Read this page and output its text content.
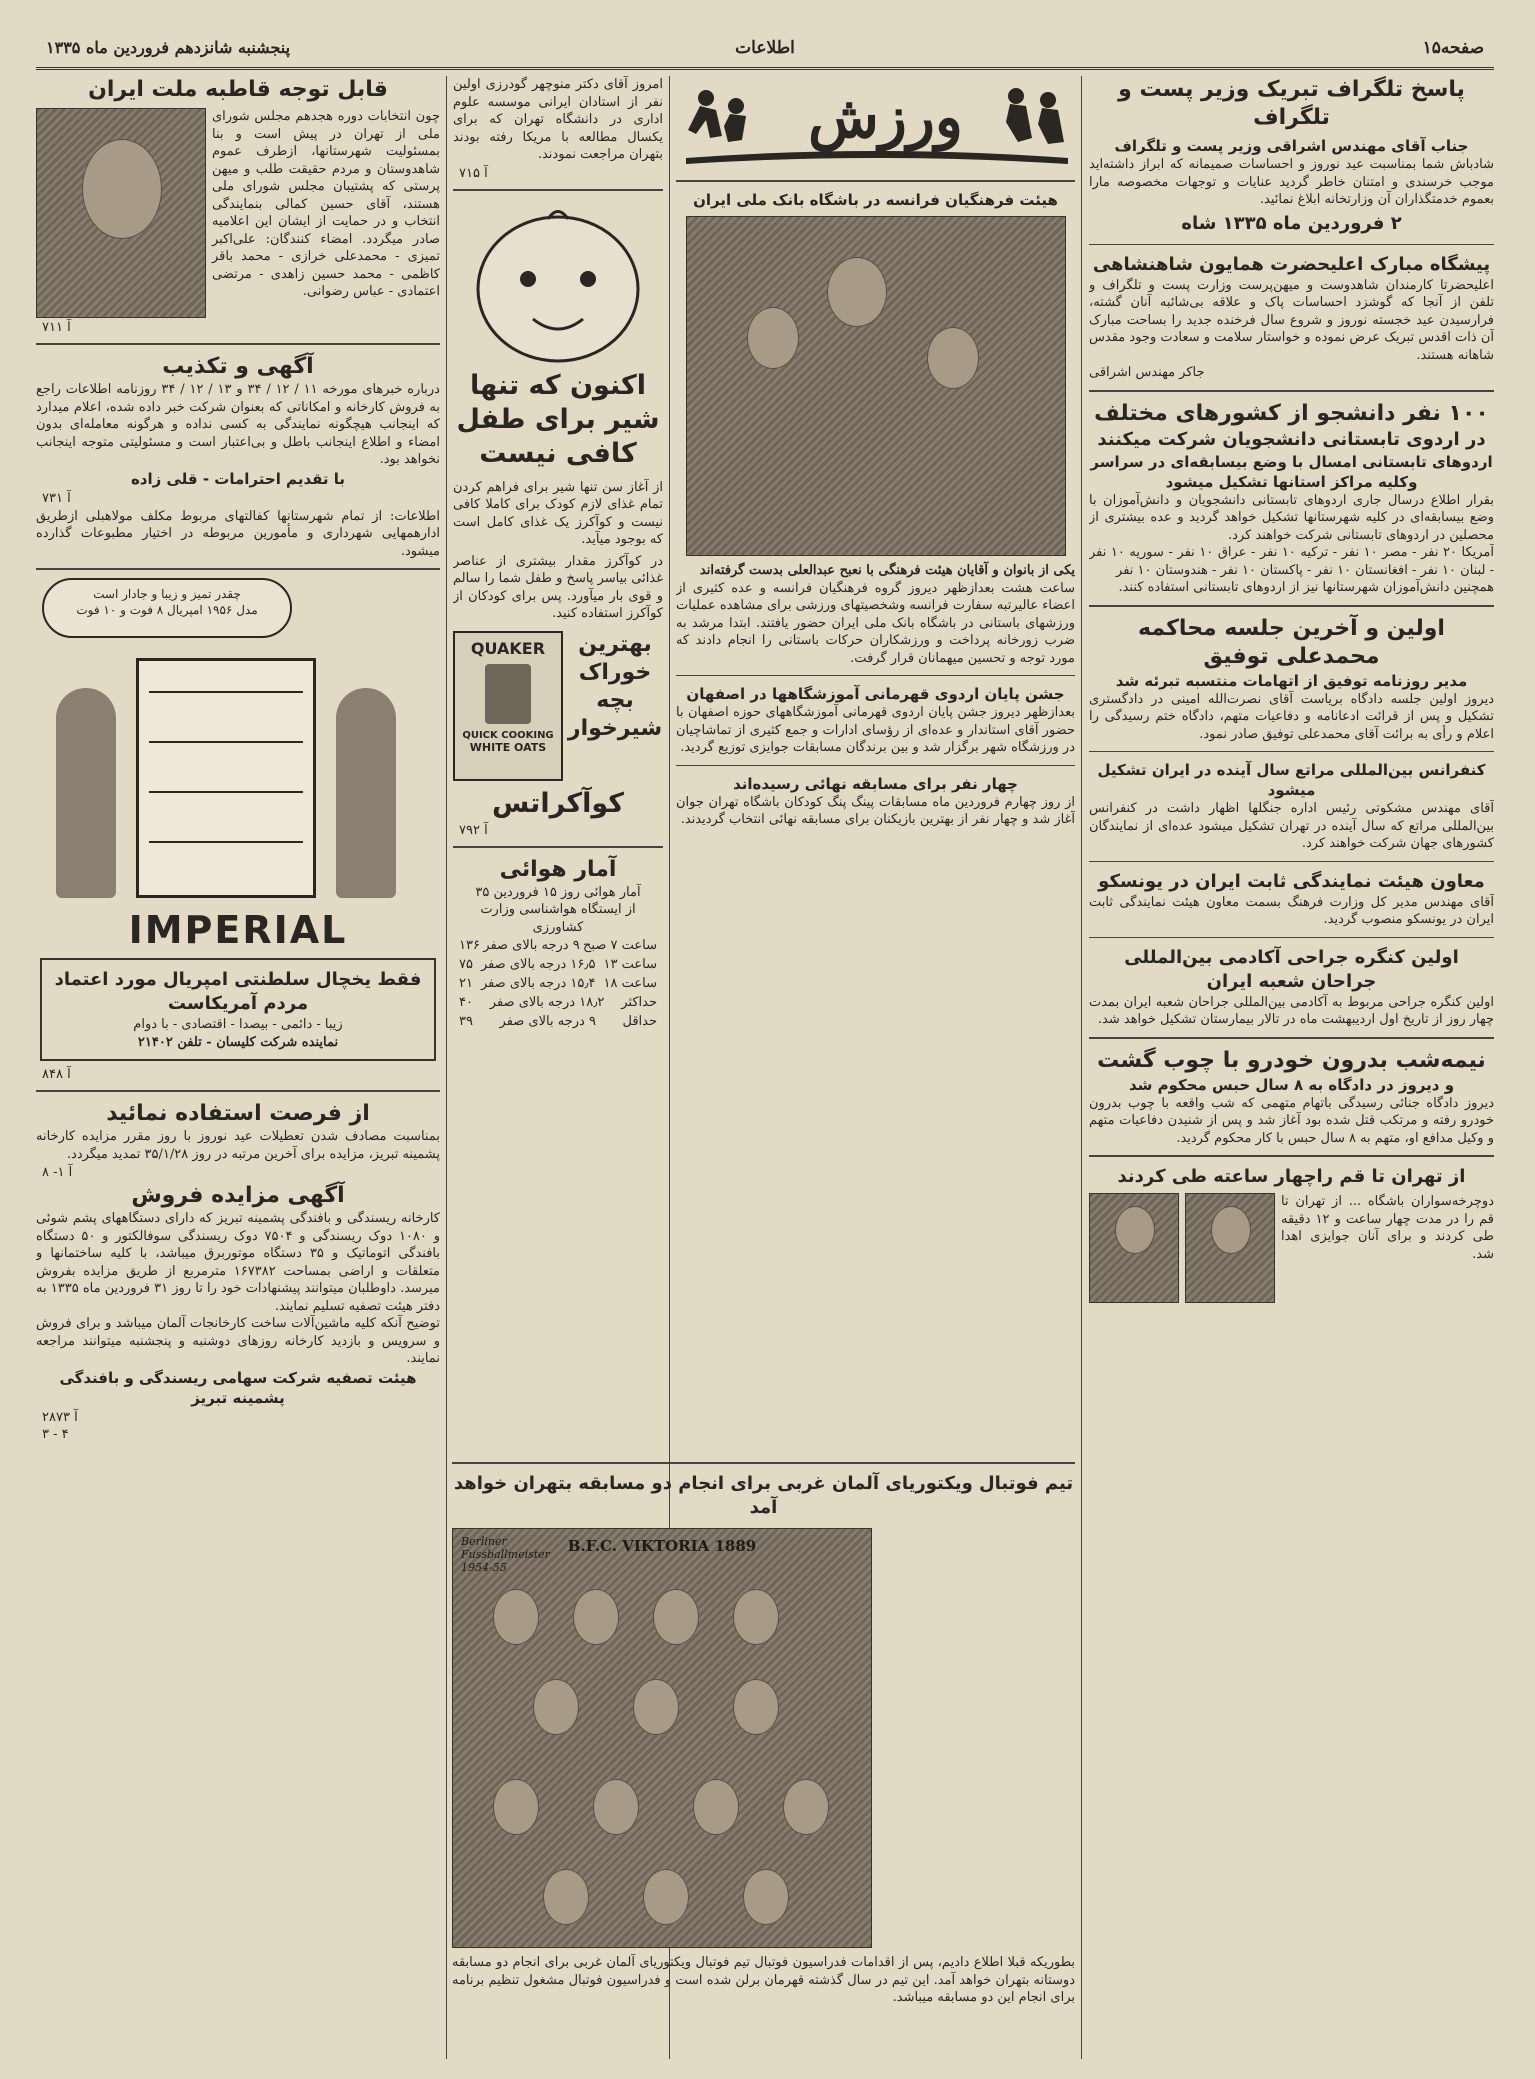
صفحه۱۵
اطلاعات
پنجشنبه شانزدهم فروردین ماه ۱۳۳۵
پاسخ تلگراف تبریک وزیر پست و تلگراف
جناب آقای مهندس اشراقی وزیر پست و تلگراف

شادباش شما بمناسبت عید نوروز و احساسات صمیمانه که ابراز داشته‌اید موجب خرسندی و امتنان خاطر گردید عنایات و توجهات مخصوصه مارا بعموم خدمتگذاران آن وزارتخانه ابلاغ نمائید.

۲ فروردین ماه ۱۳۳۵ شاه
پیشگاه مبارک اعلیحضرت همایون شاهنشاهی

اعلیحضرتا کارمندان شاهدوست و میهن‌پرست وزارت پست و تلگراف و تلفن از آنجا که گوشزد احساسات پاک و علاقه بی‌شائبه آنان گشته، فرارسیدن عید خجسته نوروز و شروع سال فرخنده جدید را بساحت مبارک آن ذات اقدس تبریک عرض نموده و خواستار سلامت و سعادت وجود مقدس شاهانه هستند.

جاکر مهندس اشراقی

۱۰۰ نفر دانشجو از کشورهای مختلف
در اردوی تابستانی دانشجویان شرکت میکنند
اردوهای تابستانی امسال با وضع بیسابقه‌ای در سراسر وکلیه مراکز استانها تشکیل میشود

بقرار اطلاع درسال جاری اردوهای تابستانی دانشجویان و دانش‌آموزان با وضع بیسابقه‌ای در کلیه شهرستانها تشکیل خواهد گردید و عده بیشتری از محصلین در اردوهای تابستانی شرکت خواهند کرد.

آمریکا ۲۰ نفر - مصر ۱۰ نفر - ترکیه ۱۰ نفر - عراق ۱۰ نفر - سوریه ۱۰ نفر - لبنان ۱۰ نفر - افغانستان ۱۰ نفر - پاکستان ۱۰ نفر - هندوستان ۱۰ نفر

همچنین دانش‌آموزان شهرستانها نیز از اردوهای تابستانی استفاده کنند.

اولین و آخرین جلسه محاکمه محمدعلی توفیق
مدیر روزنامه توفیق از اتهامات منتسبه تبرئه شد

دیروز اولین جلسه دادگاه بریاست آقای نصرت‌الله امینی در دادگستری تشکیل و پس از قرائت ادعانامه و دفاعیات متهم، دادگاه ختم رسیدگی را اعلام و رأی به برائت آقای محمدعلی توفیق صادر نمود.

کنفرانس بین‌المللی مراتع سال آینده در ایران تشکیل میشود

آقای مهندس مشکوتی رئیس اداره جنگلها اظهار داشت در کنفرانس بین‌المللی مراتع که سال آینده در تهران تشکیل میشود عده‌ای از نمایندگان کشورهای جهان شرکت خواهند کرد.

معاون هیئت نمایندگی ثابت ایران در یونسکو

آقای مهندس مدیر کل وزارت فرهنگ بسمت معاون هیئت نمایندگی ثابت ایران در یونسکو منصوب گردید.

اولین کنگره جراحی آکادمی بین‌المللی جراحان شعبه ایران

اولین کنگره جراحی مربوط به آکادمی بین‌المللی جراحان شعبه ایران بمدت چهار روز از تاریخ اول اردیبهشت ماه در تالار بیمارستان تشکیل خواهد شد.

نیمه‌شب بدرون خودرو با چوب گشت
و دیروز در دادگاه به ۸ سال حبس محکوم شد

دیروز دادگاه جنائی رسیدگی باتهام متهمی که شب واقعه با چوب بدرون خودرو رفته و مرتکب قتل شده بود آغاز شد و پس از شنیدن دفاعیات متهم و وکیل مدافع او، متهم به ۸ سال حبس با کار محکوم گردید.

از تهران تا قم راچهار ساعته طی کردند

دوچرخه‌سواران باشگاه ... از تهران تا قم را در مدت چهار ساعت و ۱۲ دقیقه طی کردند و برای آنان جوایزی اهدا شد.

ورزش
هیئت فرهنگیان فرانسه در باشگاه بانک ملی ایران

یکی از بانوان و آقایان هیئت فرهنگی با نعبح عبدالعلی بدست گرفته‌اند

ساعت هشت بعدازظهر دیروز گروه فرهنگیان فرانسه و عده کثیری از اعضاء عالیرتبه سفارت فرانسه وشخصیتهای ورزشی برای مشاهده عملیات ورزشهای باستانی در باشگاه بانک ملی ایران حضور یافتند. ابتدا مرشد به ضرب زورخانه پرداخت و ورزشکاران حرکات باستانی را انجام دادند که مورد توجه و تحسین میهمانان قرار گرفت.

جشن پایان اردوی قهرمانی آموزشگاهها در اصفهان

بعدازظهر دیروز جشن پایان اردوی قهرمانی آموزشگاههای حوزه اصفهان با حضور آقای استاندار و عده‌ای از رؤسای ادارات و جمع کثیری از تماشاچیان در ورزشگاه شهر برگزار شد و بین برندگان مسابقات جوایزی توزیع گردید.

چهار نفر برای مسابقه نهائی رسیده‌اند

از روز چهارم فروردین ماه مسابقات پینگ پنگ کودکان باشگاه تهران جوان آغاز شد و چهار نفر از بهترین بازیکنان برای مسابقه نهائی انتخاب گردیدند.

تیم فوتبال ویکتوریای آلمان غربی برای انجام دو مسابقه بتهران خواهد آمد
Berliner Fussballmeister 1954-55
B.F.C. VIKTORIA 1889

بطوریکه قبلا اطلاع دادیم، پس از اقدامات فدراسیون فوتبال تیم فوتبال ویکتوریای آلمان غربی برای انجام دو مسابقه دوستانه بتهران خواهد آمد. این تیم در سال گذشته قهرمان برلن شده است و فدراسیون فوتبال مشغول تنظیم برنامه برای انجام این دو مسابقه میباشد.

امروز آقای دکتر منوچهر گودرزی اولین نفر از استادان ایرانی موسسه علوم اداری در دانشگاه تهران که برای یکسال مطالعه با مریکا رفته بودند بتهران مراجعت نمودند.

آ ۷۱۵

اکنون که تنها
شیر برای طفل
کافی نیست

از آغاز سن تنها شیر برای فراهم کردن تمام غذای لازم کودک برای کاملا کافی نیست و کوآکرز یک غذای کامل است که بوجود میآید.

در کوآکرز مقدار بیشتری از عناصر غذائی بیاسر پاسخ و طفل شما را سالم و قوی بار میآورد. پس برای کودکان از کوآکرز استفاده کنید.

بهترین
خوراک
بچه
شیرخوار
QUAKER
QUICK COOKING
WHITE OATS
کوآکراتس

آ ۷۹۲

آمار هوائی

آمار هوائی روز ۱۵ فروردین ۳۵

از ایستگاه هواشناسی وزارت کشاورزی

ساعت ۷ صبح
۹ درجه بالای صفر
۱۳۶
ساعت ۱۳
۱۶٫۵ درجه بالای صفر
۷۵
ساعت ۱۸
۱۵٫۴ درجه بالای صفر
۲۱
حداکثر
۱۸٫۲ درجه بالای صفر
۴۰
حداقل
۹ درجه بالای صفر
۳۹
قابل توجه قاطبه ملت ایران

چون انتخابات دوره هجدهم مجلس شورای ملی از تهران در پیش است و بنا بمسئولیت شهرستانها، ازطرف عموم شاهدوستان و مردم حقیقت طلب و میهن پرستی که پشتیبان مجلس شورای ملی هستند، آقای حسین کمالی بنمایندگی انتخاب و در حمایت از ایشان این اعلامیه صادر میگردد. امضاء کنندگان: علی‌اکبر تمیزی - محمدعلی خرازی - محمد باقر کاظمی - محمد حسین زاهدی - مرتضی اعتمادی - عباس رضوانی.

آ ۷۱۱

آگهی و تکذیب

درباره خبرهای مورخه ۱۱ / ۱۲ / ۳۴ و ۱۳ / ۱۲ / ۳۴ روزنامه اطلاعات راجع به فروش کارخانه و امکاناتی که بعنوان شرکت خبر داده شده، اعلام میدارد که اینجانب هیچگونه نمایندگی به کسی نداده و هرگونه معامله‌ای بدون امضاء و اطلاع اینجانب باطل و بی‌اعتبار است و مسئولیتی متوجه اینجانب نخواهد بود.

با تقدیم احترامات - قلی زاده

آ ۷۳۱

اطلاعات: از تمام شهرستانها كفالتهاى مربوط مكلف مولاهبلى ازطريق ادارهمهايی شهرداری و مأمورين مربوطه در اختيار مطبوعات گذارده ميشود.

چقدر تمیز و زیبا و جادار است
مدل ۱۹۵۶ امپریال ۸ فوت و ۱۰ فوت
IMPERIAL
فقط یخچال سلطنتی امپریال مورد اعتماد مردم آمریکاست

زیبا - دائمی - بیصدا - اقتصادی - با دوام

نماینده شرکت کلیسان - تلفن ۲۱۴۰۲

آ ۸۴۸

از فرصت استفاده نمائید

بمناسبت مصادف شدن تعطیلات عید نوروز با روز مقرر مزایده کارخانه پشمینه تبریز، مزایده برای آخرین مرتبه در روز ۳۵/۱/۲۸ تمدید میگردد.

آ ۱- ۸

آگهی مزایده فروش

کارخانه ریسندگی و بافندگی پشمینه تبریز که دارای دستگاههای پشم شوئی و ۱۰۸۰ دوک ریسندگی و ۷۵۰۴ دوک ریسندگی سوفالکتور و ۵۰ دستگاه بافندگی اتوماتیک و ۳۵ دستگاه موتوربرق میباشد، با کلیه ساختمانها و متعلقات و اراضی بمساحت ۱۶۷۳۸۲ مترمربع از طریق مزایده بفروش میرسد. داوطلبان میتوانند پیشنهادات خود را تا روز ۳۱ فروردین ماه ۱۳۳۵ به دفتر هیئت تصفیه تسلیم نمایند.

توضیح آنکه کلیه ماشین‌آلات ساخت کارخانجات آلمان میباشد و برای فروش و سرویس و بازدید کارخانه روزهای دوشنبه و پنجشنبه میتوانند مراجعه نمایند.

هیئت تصفیه شرکت سهامی ریسندگی و بافندگی پشمینه تبریز

آ ۲۸۷۳

۳ - ۴
